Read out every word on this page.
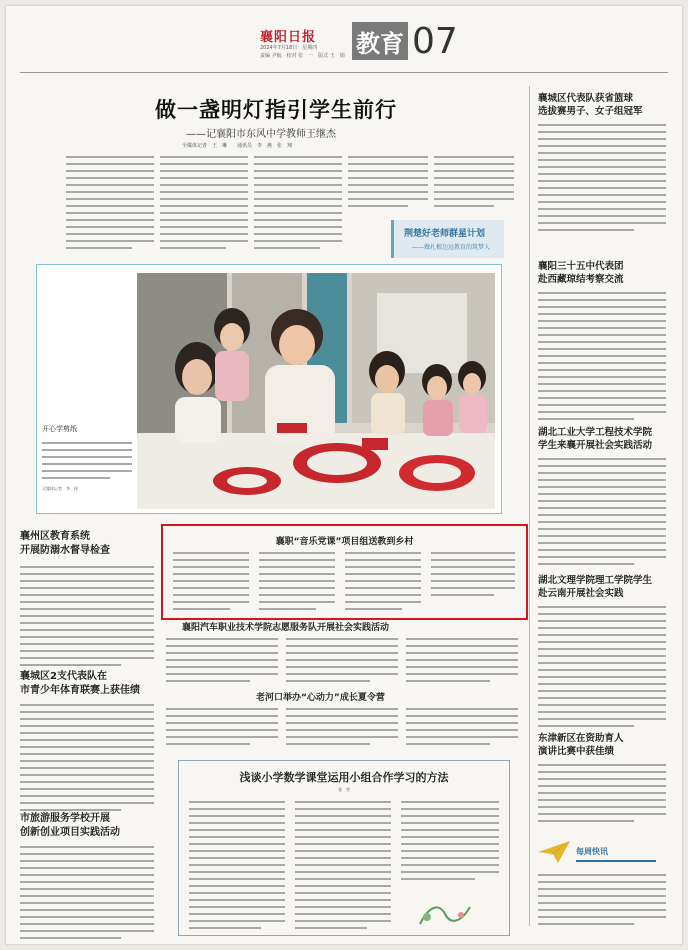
襄阳日报
2024年7月18日　星期四
责编 尹航　校对 张　一　版式 王　娟 教育 07
做一盏明灯指引学生前行
——记襄阳市东风中学教师王继杰
全媒体记者　王　琳　　通讯员　李　燕　张　翔
荆楚好老师群星计划
——做扎根边远教育的筑梦人
开心学剪纸
全媒体记者　李　伟
襄职“音乐党课”项目组送教到乡村
襄州区教育系统
开展防溺水督导检查
襄城区2支代表队在
市青少年体育联赛上获佳绩
市旅游服务学校开展
创新创业项目实践活动
襄阳汽车职业技术学院志愿服务队开展社会实践活动
老河口举办“心动力”成长夏令营
浅谈小学数学课堂运用小组合作学习的方法
张　雪
襄城区代表队获省篮球
选拔赛男子、女子组冠军
襄阳三十五中代表团
赴西藏琼结考察交流
湖北工业大学工程技术学院
学生来襄开展社会实践活动
湖北文理学院理工学院学生
赴云南开展社会实践
东津新区在资助育人
演讲比赛中获佳绩
每周快讯
